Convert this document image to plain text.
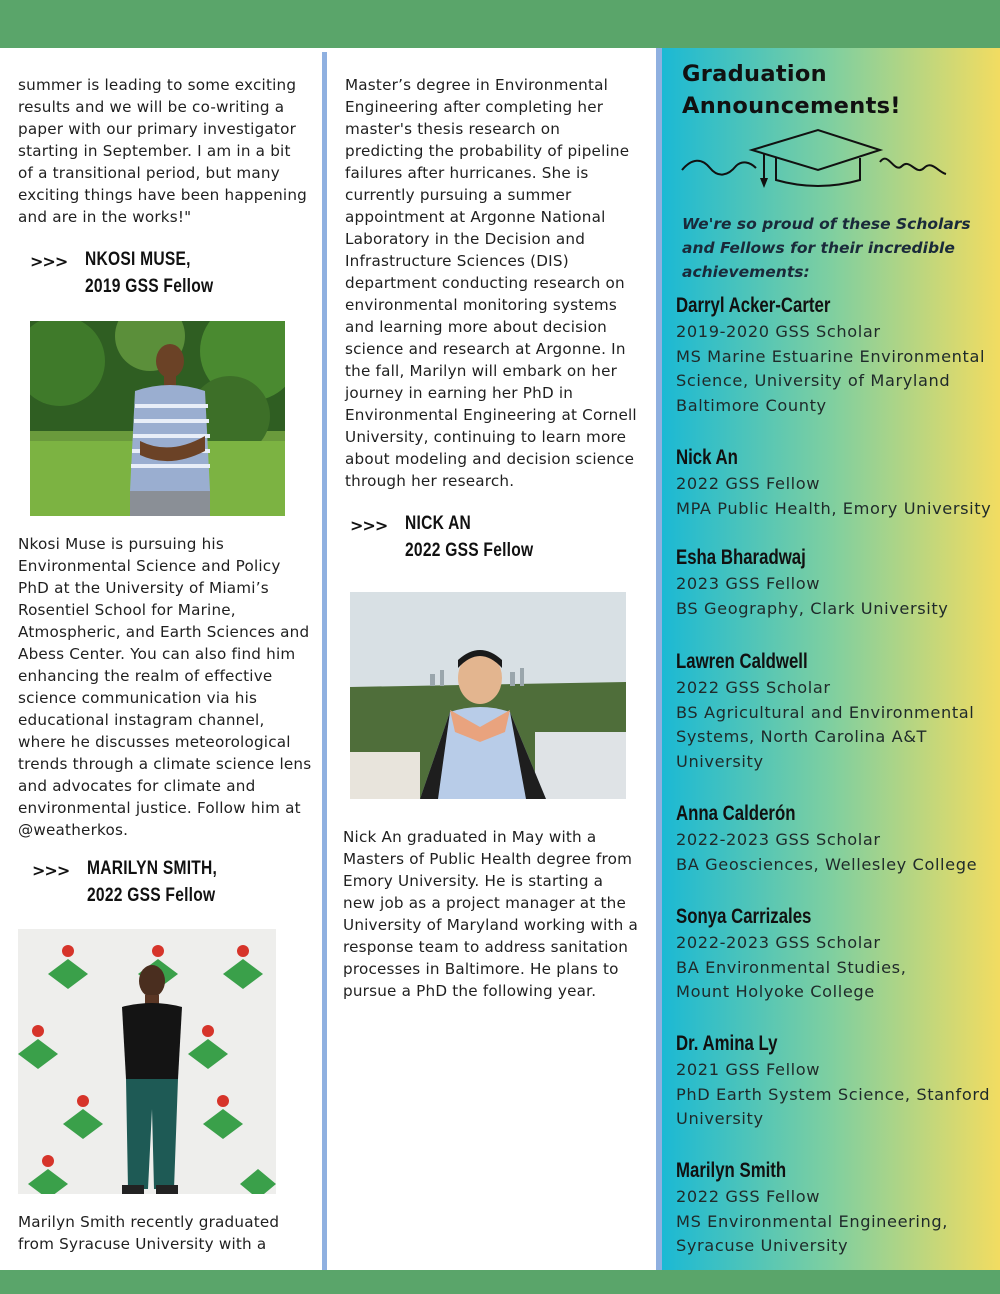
summer is leading to some exciting
results and we will be co-writing a
paper with our primary investigator
starting in September. I am in a bit
of a transitional period, but many
exciting things have been happening
and are in the works!"

>>> NKOSI MUSE,
2019 GSS Fellow

Nkosi Muse is pursuing his
Environmental Science and Policy
PhD at the University of Miami’s
Rosentiel School for Marine,
Atmospheric, and Earth Sciences and
Abess Center. You can also find him
enhancing the realm of effective
science communication via his
educational instagram channel,
where he discusses meteorological
trends through a climate science lens
and advocates for climate and
environmental justice. Follow him at
@weatherkos.

>>> MARILYN SMITH,
2022 GSS Fellow

Marilyn Smith recently graduated
from Syracuse University with a

Master’s degree in Environmental
Engineering after completing her
master's thesis research on
predicting the probability of pipeline
failures after hurricanes. She is
currently pursuing a summer
appointment at Argonne National
Laboratory in the Decision and
Infrastructure Sciences (DIS)
department conducting research on
environmental monitoring systems
and learning more about decision
science and research at Argonne. In
the fall, Marilyn will embark on her
journey in earning her PhD in
Environmental Engineering at Cornell
University, continuing to learn more
about modeling and decision science
through her research.

>>> NICK AN
2022 GSS Fellow

Nick An graduated in May with a
Masters of Public Health degree from
Emory University. He is starting a
new job as a project manager at the
University of Maryland working with a
response team to address sanitation
processes in Baltimore. He plans to
pursue a PhD the following year.

Graduation
Announcements!
We're so proud of these Scholars
and Fellows for their incredible
achievements:
Darryl Acker-Carter
2019-2020 GSS Scholar
MS Marine Estuarine Environmental
Science, University of Maryland
Baltimore County
Nick An
2022 GSS Fellow
MPA Public Health, Emory University
Esha Bharadwaj
2023 GSS Fellow
BS Geography, Clark University
Lawren Caldwell
2022 GSS Scholar
BS Agricultural and Environmental
Systems, North Carolina A&T
University
Anna Calderón
2022-2023 GSS Scholar
BA Geosciences, Wellesley College
Sonya Carrizales
2022-2023 GSS Scholar
BA Environmental Studies,
Mount Holyoke College
Dr. Amina Ly
2021 GSS Fellow
PhD Earth System Science, Stanford
University
Marilyn Smith
2022 GSS Fellow
MS Environmental Engineering,
Syracuse University
